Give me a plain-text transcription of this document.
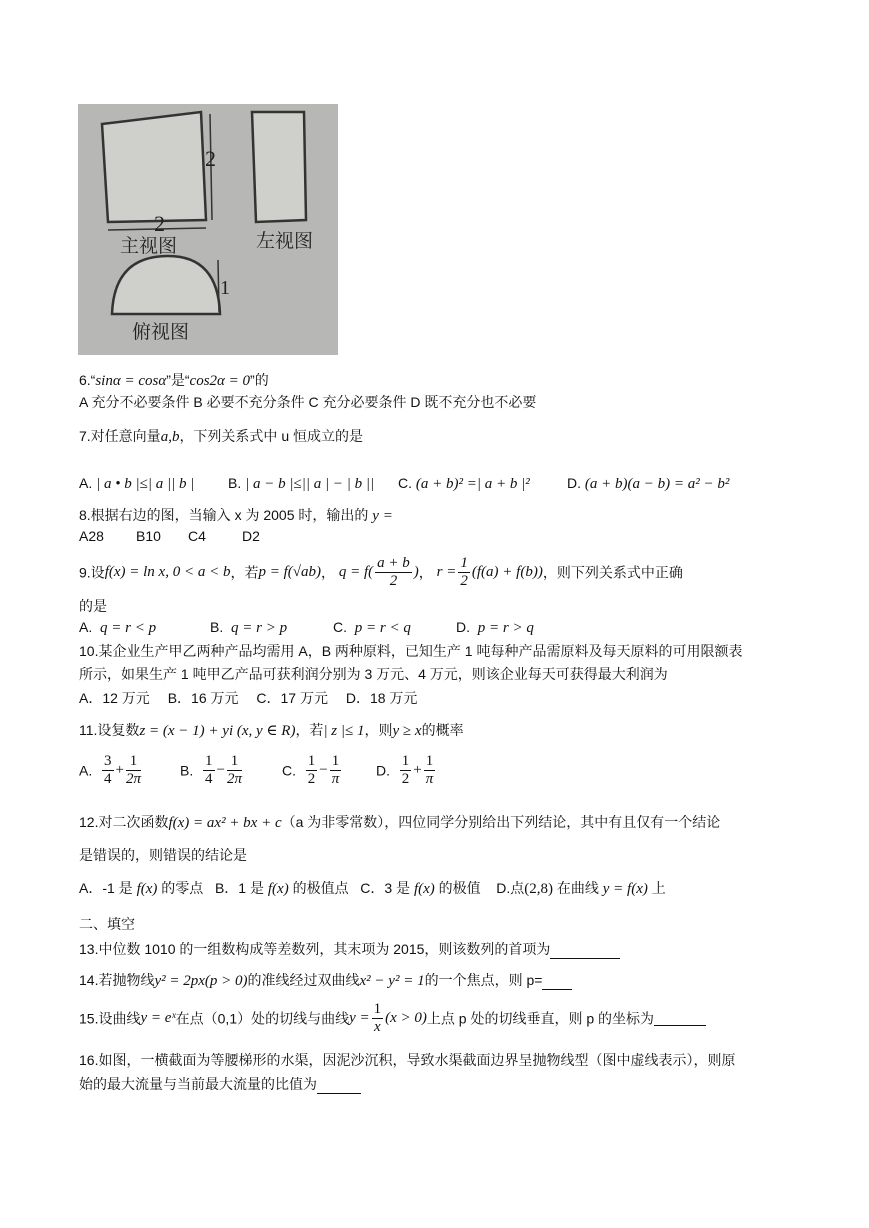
2
2
主视图	左视图
1
俯视图
6.“sinα = cosα”是“cos2α = 0”的
A 充分不必要条件 B 必要不充分条件 C 充分必要条件 D 既不充分也不必要
7.对任意向量a,b，下列关系式中 u 恒成立的是
A. | a • b |≤| a || b | B. | a − b |≤|| a | − | b || C. (a + b)² =| a + b |²	D. (a + b)(a − b) = a² − b²
8.根据右边的图，当输入 x 为 2005 时，输出的 y =
A28 B10 C4	D2
9.设f(x) = ln x, 0 < a < b，若p = f(√ab)， $q = f( \frac{a + b}{2}$ )， $r = \frac{1}{2} (f(a) + f(b))$，则下列关系式中正确
的是
A. q = r < p	B. q = r > p	C. p = r < q	D. p = r > q
10.某企业生产甲乙两种产品均需用 A，B 两种原料，已知生产 1 吨每种产品需原料及每天原料的可用限额表
所示，如果生产 1 吨甲乙产品可获利润分别为 3 万元、4 万元，则该企业每天可获得最大利润为
A．12 万元　 B．16 万元　 C．17 万元　 D．18 万元
11.设复数z = (x − 1) + yi (x, y ∈ R)，若| z |≤ 1，则y ≥ x的概率
A. $\frac{3}{4} + \frac{1}{2\pi}$	B. $\frac{1}{4} - \frac{1}{2\pi}$	C. $\frac{1}{2} - \frac{1}{\pi} D$. $\frac{1}{2} + \frac{1}{\pi}$
12.对二次函数f(x) = ax² + bx + c（a 为非零常数），四位同学分别给出下列结论，其中有且仅有一个结论
是错误的，则错误的结论是
A．-1 是 f(x) 的零点 B．1 是 f(x) 的极值点 C．3 是 f(x) 的极值 D.点(2,8) 在曲线 y = f(x) 上
二、填空
13.中位数 1010 的一组数构成等差数列，其末项为 2015，则该数列的首项为
14.若抛物线y² = 2px(p > 0)的准线经过双曲线x² − y² = 1的一个焦点，则 p=
15.设曲线y = eˣ在点（0,1）处的切线与曲线$y = \frac{1}{x} (x > 0)$上点 p 处的切线垂直，则 p 的坐标为
16.如图，一横截面为等腰梯形的水渠，因泥沙沉积，导致水渠截面边界呈抛物线型（图中虚线表示），则原
始的最大流量与当前最大流量的比值为
